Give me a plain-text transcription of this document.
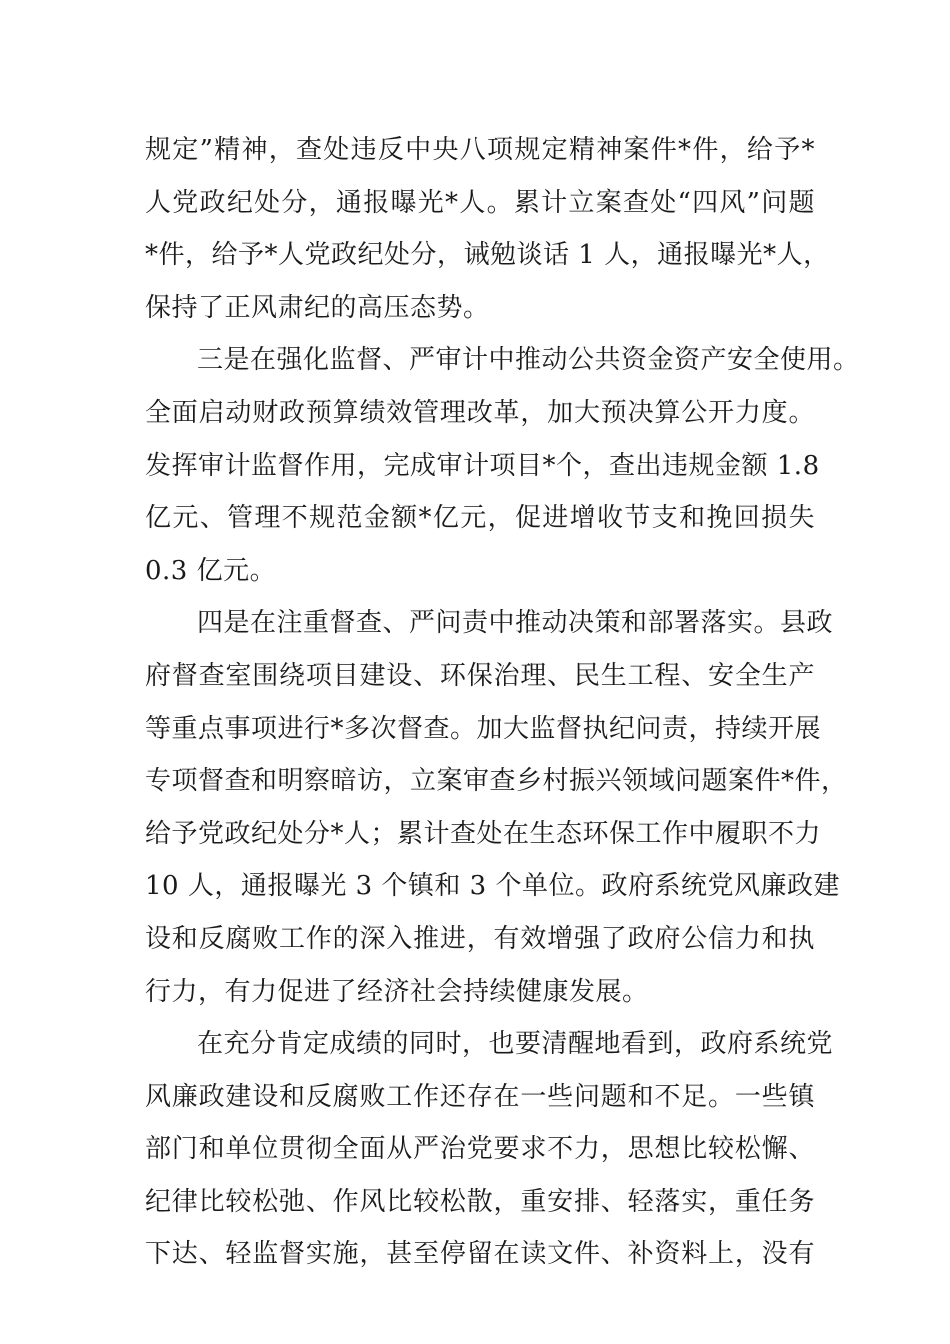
规定”精神，查处违反中央八项规定精神案件*件，给予*
人党政纪处分，通报曝光*人。累计立案查处“四风”问题
*件，给予*人党政纪处分，诫勉谈话 1 人，通报曝光*人，
保持了正风肃纪的高压态势。
三是在强化监督、严审计中推动公共资金资产安全使用。
全面启动财政预算绩效管理改革，加大预决算公开力度。
发挥审计监督作用，完成审计项目*个，查出违规金额 1.8
亿元、管理不规范金额*亿元，促进增收节支和挽回损失
0.3 亿元。
四是在注重督查、严问责中推动决策和部署落实。县政
府督查室围绕项目建设、环保治理、民生工程、安全生产
等重点事项进行*多次督查。加大监督执纪问责，持续开展
专项督查和明察暗访，立案审查乡村振兴领域问题案件*件，
给予党政纪处分*人；累计查处在生态环保工作中履职不力
10 人，通报曝光 3 个镇和 3 个单位。政府系统党风廉政建
设和反腐败工作的深入推进，有效增强了政府公信力和执
行力，有力促进了经济社会持续健康发展。
在充分肯定成绩的同时，也要清醒地看到，政府系统党
风廉政建设和反腐败工作还存在一些问题和不足。一些镇
部门和单位贯彻全面从严治党要求不力，思想比较松懈、
纪律比较松弛、作风比较松散，重安排、轻落实，重任务
下达、轻监督实施，甚至停留在读文件、补资料上，没有
